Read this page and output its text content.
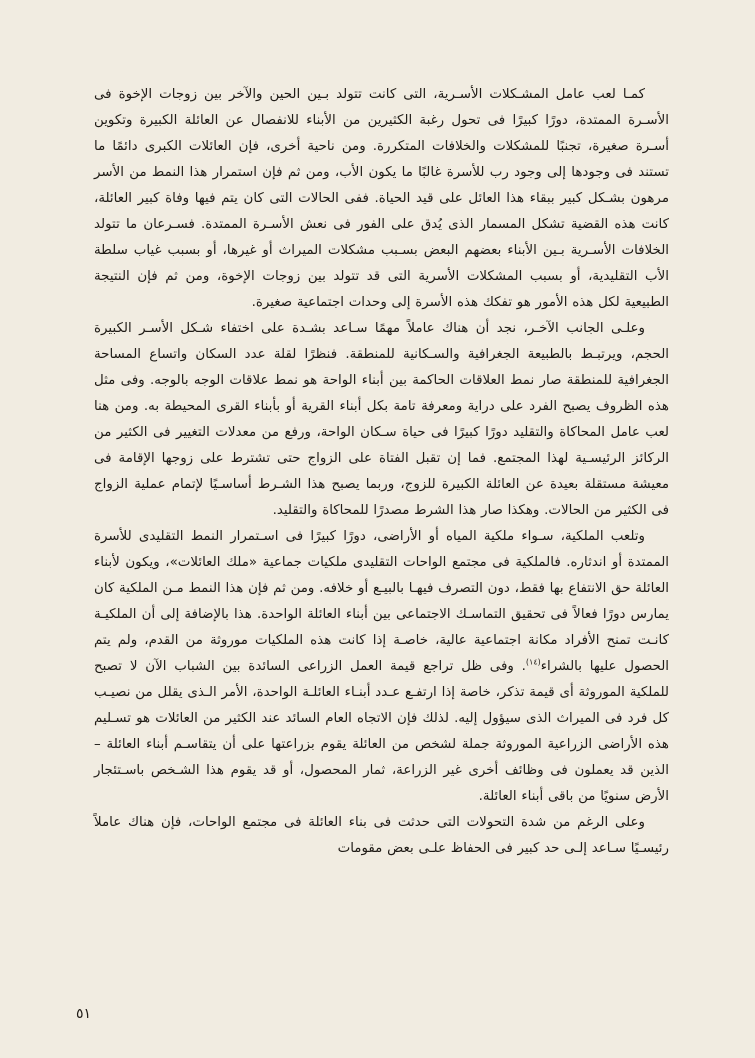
كمـا لعب عامل المشـكلات الأسـرية، التى كانت تتولد بـين الحين والآخر بين زوجات الإخوة فى الأسـرة الممتدة، دورًا كبيرًا فى تحول رغبة الكثيرين من الأبناء للانفصال عن العائلة الكبيرة وتكوين أسـرة صغيرة، تجنبًا للمشكلات والخلافات المتكررة. ومن ناحية أخرى، فإن العائلات الكبرى دائمًا ما تستند فى وجودها إلى وجود رب للأسرة غالبًا ما يكون الأب، ومن ثم فإن استمرار هذا النمط من الأسر مرهون بشـكل كبير ببقاء هذا العائل على قيد الحياة. ففى الحالات التى كان يتم فيها وفاة كبير العائلة، كانت هذه القضية تشكل المسمار الذى يُدق على الفور فى نعش الأسـرة الممتدة. فسـرعان ما تتولد الخلافات الأسـرية بـين الأبناء بعضهم البعض بسـبب مشكلات الميراث أو غيرها، أو بسبب غياب سلطة الأب التقليدية، أو بسبب المشكلات الأسرية التى قد تتولد بين زوجات الإخوة، ومن ثم فإن النتيجة الطبيعية لكل هذه الأمور هو تفكك هذه الأسرة إلى وحدات اجتماعية صغيرة.

وعلـى الجانب الآخـر، نجد أن هناك عاملاً مهمًا سـاعد بشـدة على اختفاء شـكل الأسـر الكبيرة الحجم، ويرتبـط بالطبيعة الجغرافية والسـكانية للمنطقة. فنظرًا لقلة عدد السكان واتساع المساحة الجغرافية للمنطقة صار نمط العلاقات الحاكمة بين أبناء الواحة هو نمط علاقات الوجه بالوجه. وفى مثل هذه الظروف يصبح الفرد على دراية ومعرفة تامة بكل أبناء القرية أو بأبناء القرى المحيطة به. ومن هنا لعب عامل المحاكاة والتقليد دورًا كبيرًا فى حياة سـكان الواحة، ورفع من معدلات التغيير فى الكثير من الركائز الرئيسـية لهذا المجتمع. فما إن تقبل الفتاة على الزواج حتى تشترط على زوجها الإقامة فى معيشة مستقلة بعيدة عن العائلة الكبيرة للزوج، وربما يصبح هذا الشـرط أساسـيًا لإتمام عملية الزواج فى الكثير من الحالات. وهكذا صار هذا الشرط مصدرًا للمحاكاة والتقليد.

وتلعب الملكية، سـواء ملكية المياه أو الأراضى، دورًا كبيرًا فى اسـتمرار النمط التقليدى للأسرة الممتدة أو اندثاره. فالملكية فى مجتمع الواحات التقليدى ملكيات جماعية «ملك العائلات»، ويكون لأبناء العائلة حق الانتفاع بها فقط، دون التصرف فيهـا بالبيـع أو خلافه. ومن ثم فإن هذا النمط مـن الملكية كان يمارس دورًا فعالاً فى تحقيق التماسـك الاجتماعى بين أبناء العائلة الواحدة. هذا بالإضافة إلى أن الملكيـة كانـت تمنح الأفراد مكانة اجتماعية عالية، خاصـة إذا كانت هذه الملكيات موروثة من القدم، ولم يتم الحصول عليها بالشراء$^{(١٤)}$. وفى ظل تراجع قيمة العمل الزراعى السائدة بين الشباب الآن لا تصبح للملكية الموروثة أى قيمة تذكر، خاصة إذا ارتفـع عـدد أبنـاء العائلـة الواحدة، الأمر الـذى يقلل من نصيـب كل فرد فى الميراث الذى سيؤول إليه. لذلك فإن الاتجاه العام السائد عند الكثير من العائلات هو تسـليم هذه الأراضى الزراعية الموروثة جملة لشخص من العائلة يقوم بزراعتها على أن يتقاسـم أبناء العائلة – الذين قد يعملون فى وظائف أخرى غير الزراعة، ثمار المحصول، أو قد يقوم هذا الشـخص باسـتئجار الأرض سنويًا من باقى أبناء العائلة.

وعلى الرغم من شدة التحولات التى حدثت فى بناء العائلة فى مجتمع الواحات، فإن هناك عاملاً رئيسـيًا سـاعد إلـى حد كبير فى الحفاظ علـى بعض مقومات

٥١
